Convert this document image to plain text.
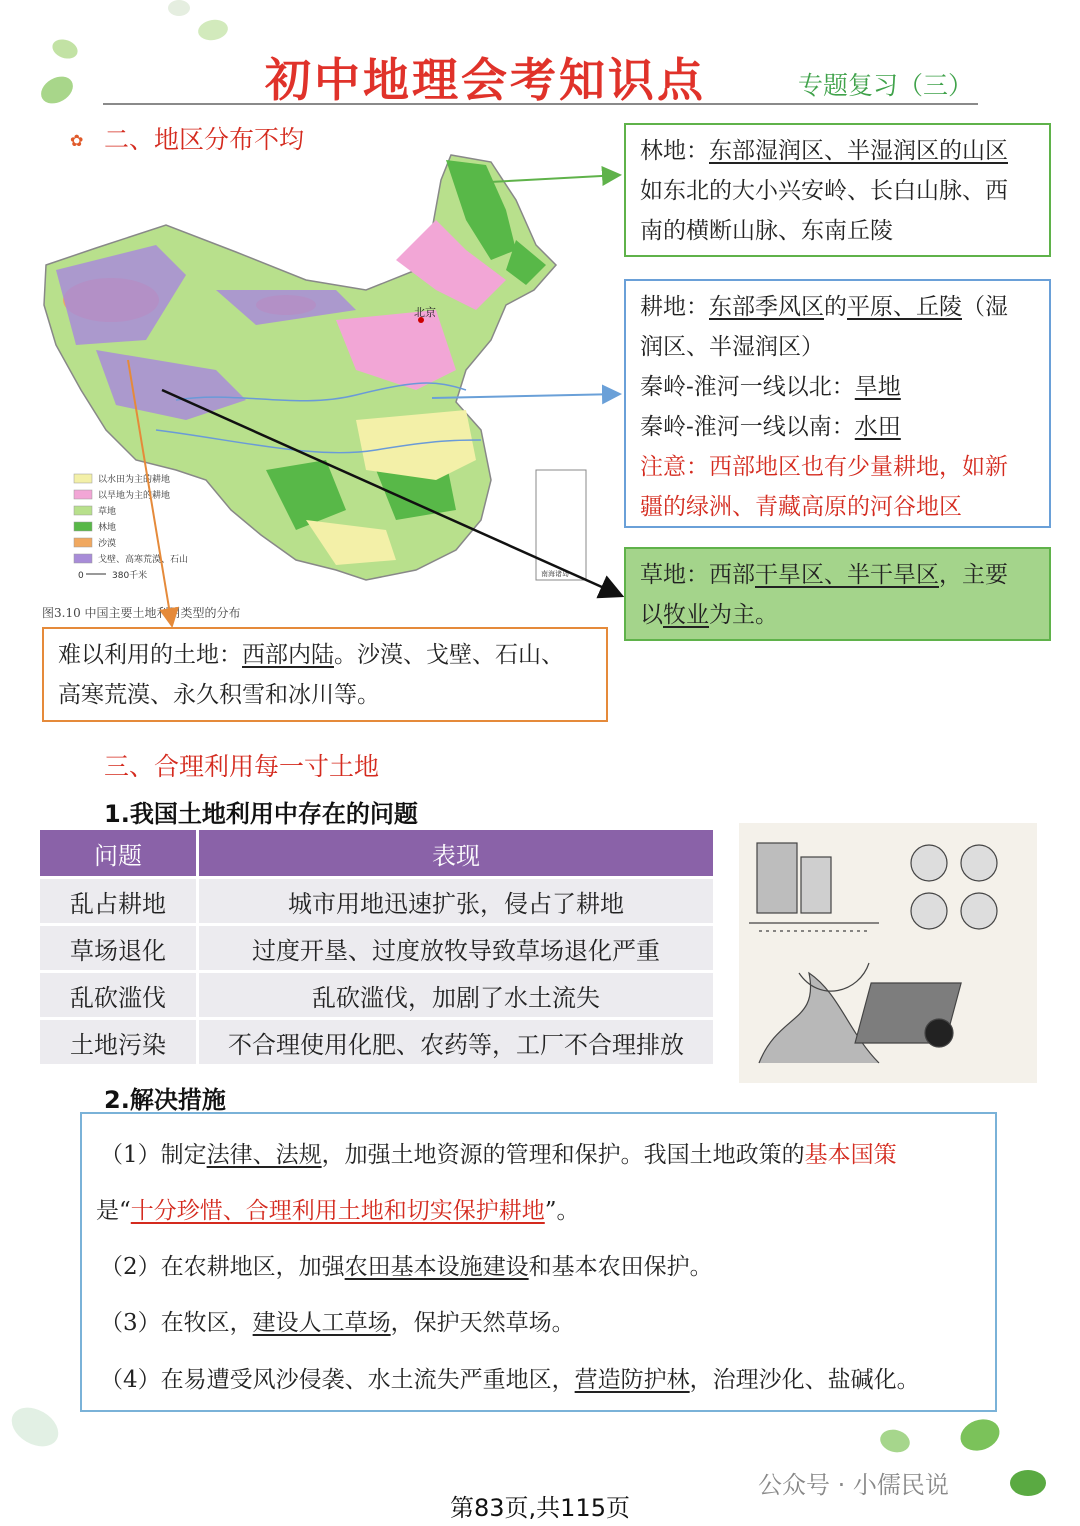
初中地理会考知识点	专题复习（三）
✿ 二、地区分布不均
北京
南海诸岛
以水田为主的耕地
以旱地为主的耕地
草地
林地
沙漠
戈壁、高寒荒漠、石山
0	380千米
图3.10 中国主要土地利用类型的分布
林地：东部湿润区、半湿润区的山区
如东北的大小兴安岭、长白山脉、西
南的横断山脉、东南丘陵
耕地：东部季风区的平原、丘陵（湿
润区、半湿润区）
秦岭-淮河一线以北：旱地
秦岭-淮河一线以南：水田
注意：西部地区也有少量耕地，如新
疆的绿洲、青藏高原的河谷地区
草地：西部干旱区、半干旱区，主要
以牧业为主。
难以利用的土地：西部内陆。沙漠、戈壁、石山、
高寒荒漠、永久积雪和冰川等。
三、合理利用每一寸土地
1.我国土地利用中存在的问题
问题	表现
乱占耕地	城市用地迅速扩张，侵占了耕地
草场退化	过度开垦、过度放牧导致草场退化严重
乱砍滥伐	乱砍滥伐，加剧了水土流失
土地污染	不合理使用化肥、农药等，工厂不合理排放
2.解决措施
（1）制定法律、法规，加强土地资源的管理和保护。我国土地政策的基本国策
是“十分珍惜、合理利用土地和切实保护耕地”。
（2）在农耕地区，加强农田基本设施建设和基本农田保护。
（3）在牧区，建设人工草场，保护天然草场。
（4）在易遭受风沙侵袭、水土流失严重地区，营造防护林，治理沙化、盐碱化。
公众号 · 小儒民说
第83页,共115页
